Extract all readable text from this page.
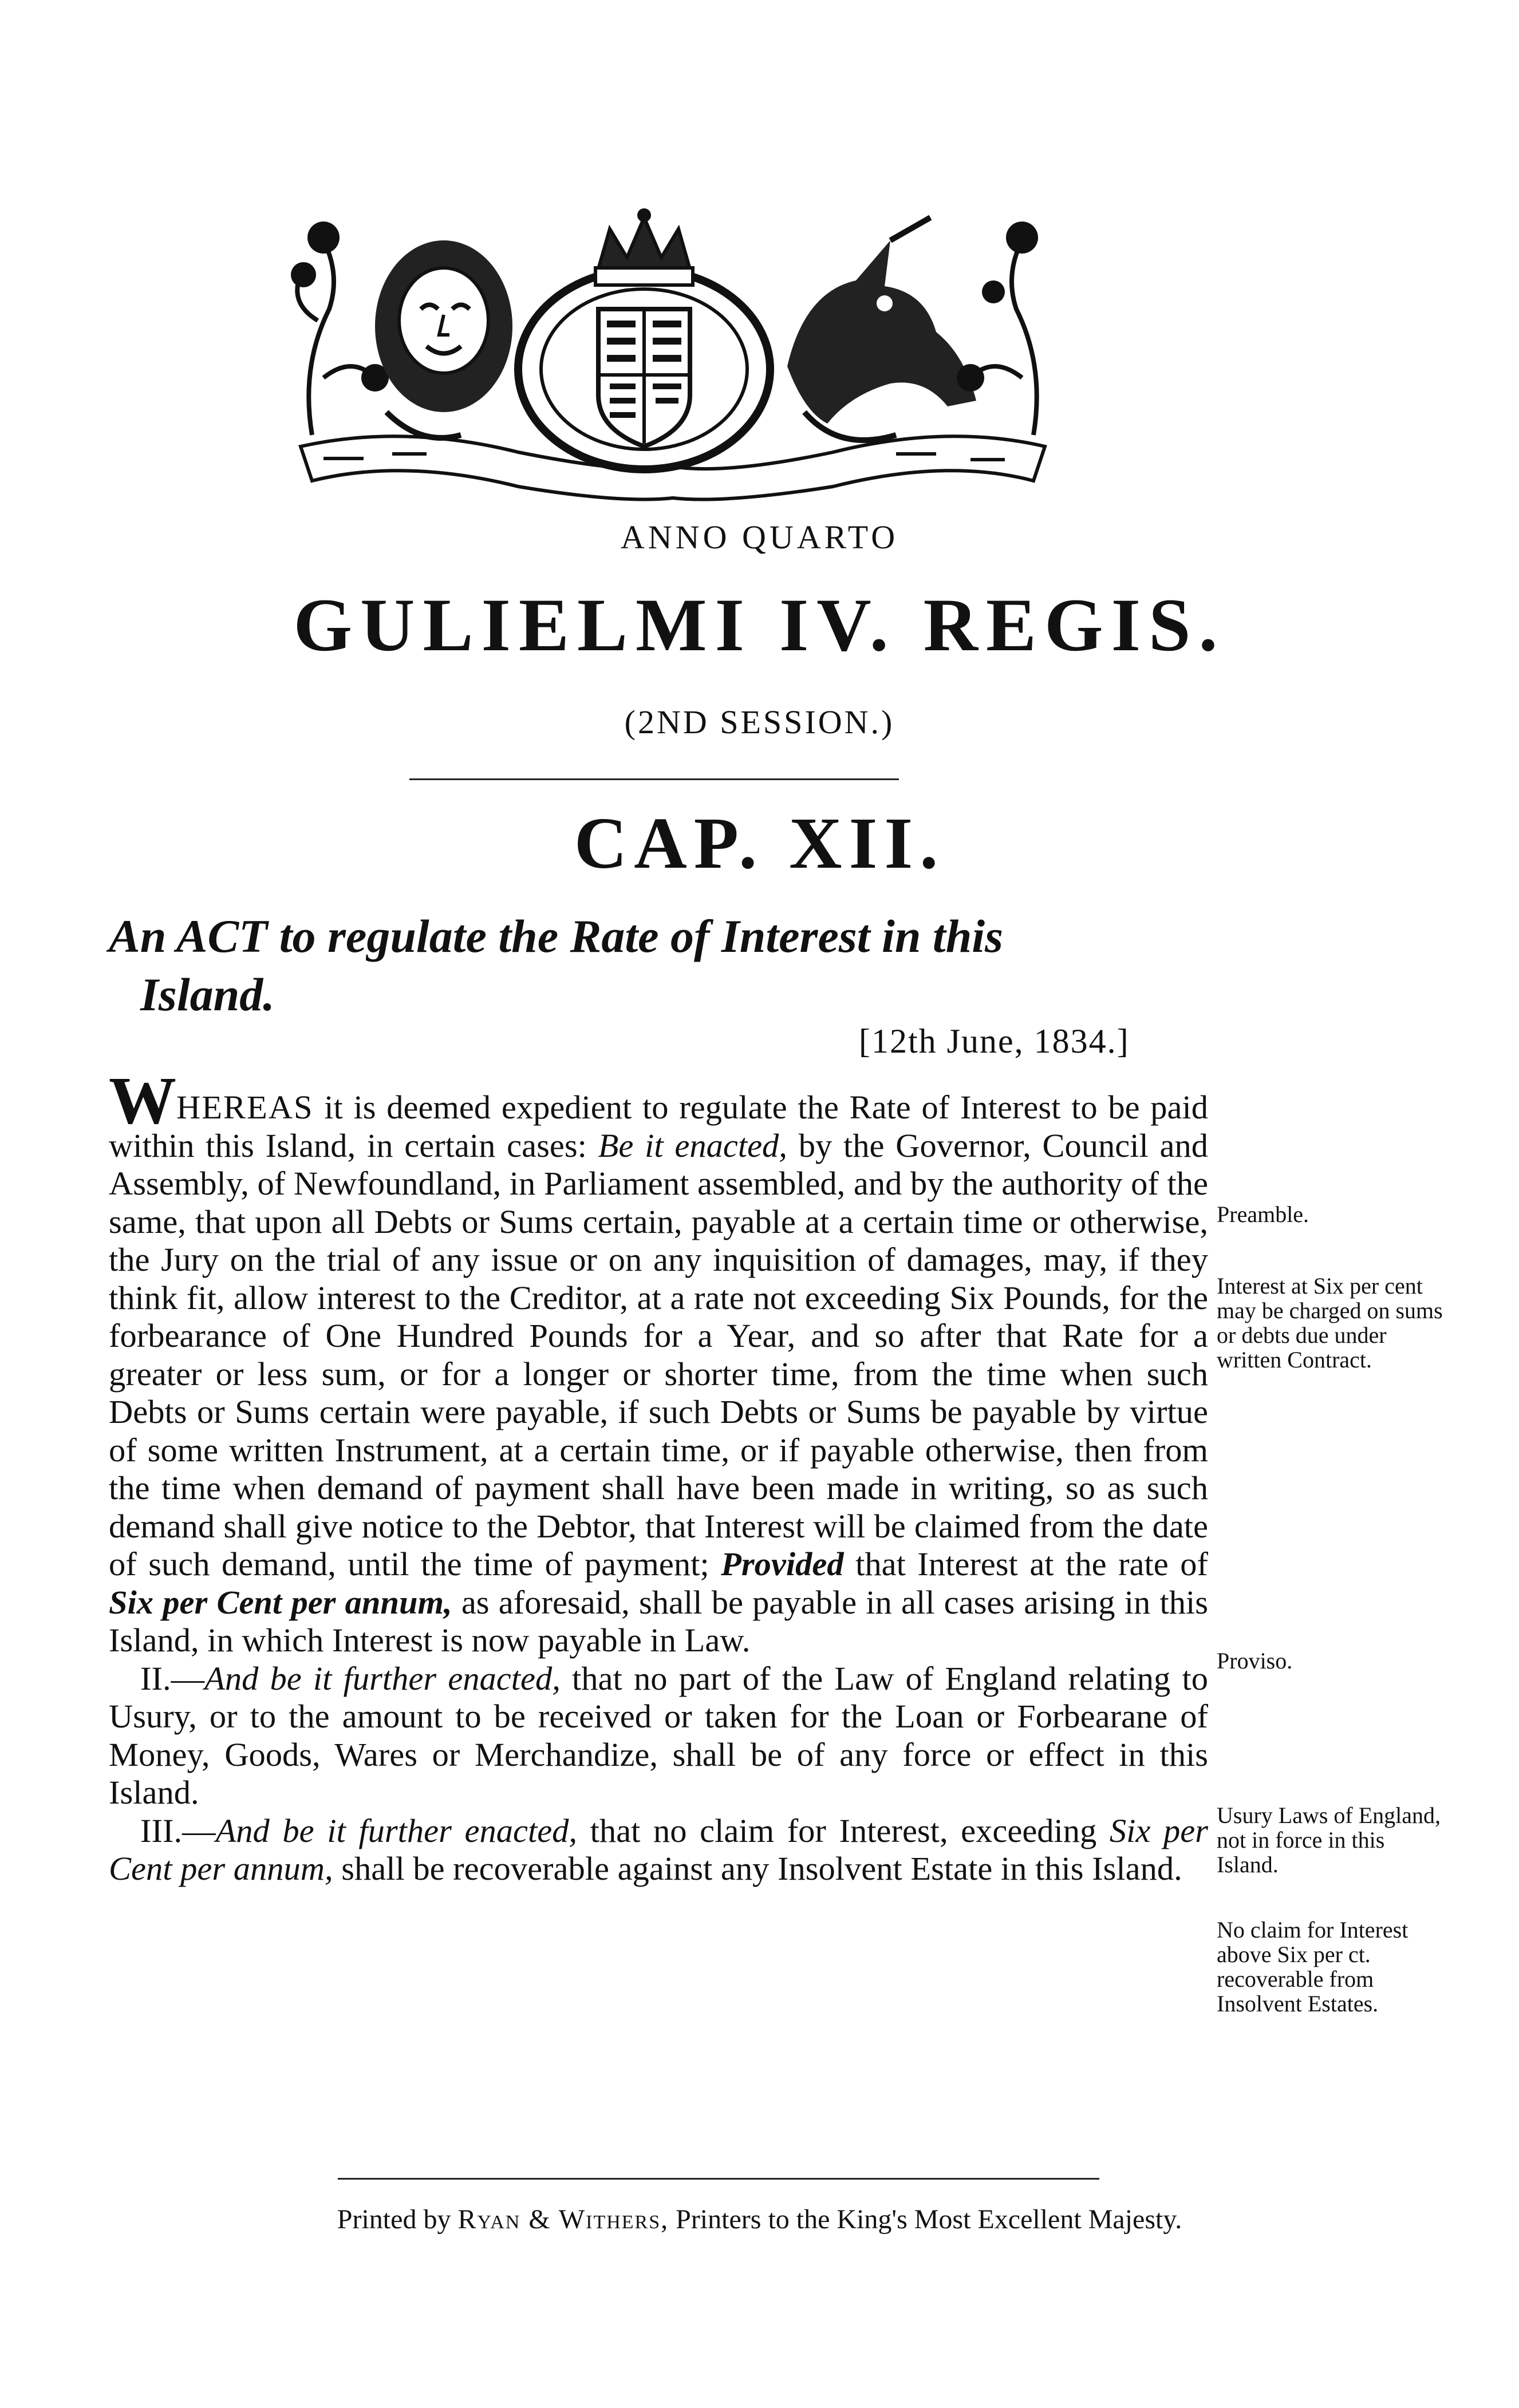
ANNO QUARTO
GULIELMI IV. REGIS.
(2ND SESSION.)
CAP. XII.
An ACT to regulate the Rate of Interest in this
Island.
[12th June, 1834.]

WHEREAS it is deemed expedient to regulate the Rate of Interest to be paid within this Island, in certain cases: Be it enacted, by the Governor, Council and Assembly, of Newfoundland, in Parliament assembled, and by the authority of the same, that upon all Debts or Sums certain, payable at a certain time or otherwise, the Jury on the trial of any issue or on any inquisition of damages, may, if they think fit, allow interest to the Creditor, at a rate not exceeding Six Pounds, for the forbearance of One Hundred Pounds for a Year, and so after that Rate for a greater or less sum, or for a longer or shorter time, from the time when such Debts or Sums certain were payable, if such Debts or Sums be payable by virtue of some written Instrument, at a certain time, or if payable otherwise, then from the time when demand of payment shall have been made in writing, so as such demand shall give notice to the Debtor, that Interest will be claimed from the date of such demand, until the time of payment; Provided that Interest at the rate of Six per Cent per annum, as aforesaid, shall be payable in all cases arising in this Island, in which Interest is now payable in Law.

II.—And be it further enacted, that no part of the Law of England relating to Usury, or to the amount to be received or taken for the Loan or Forbearane of Money, Goods, Wares or Merchandize, shall be of any force or effect in this Island.

III.—And be it further enacted, that no claim for Interest, exceeding Six per Cent per annum, shall be recoverable against any Insolvent Estate in this Island.

Preamble.
Interest at Six per cent may be charged on sums or debts due under written Contract.
Proviso.
Usury Laws of England, not in force in this Island.
No claim for Interest above Six per ct. recoverable from Insolvent Estates.
Printed by Ryan & Withers, Printers to the King's Most Excellent Majesty.
